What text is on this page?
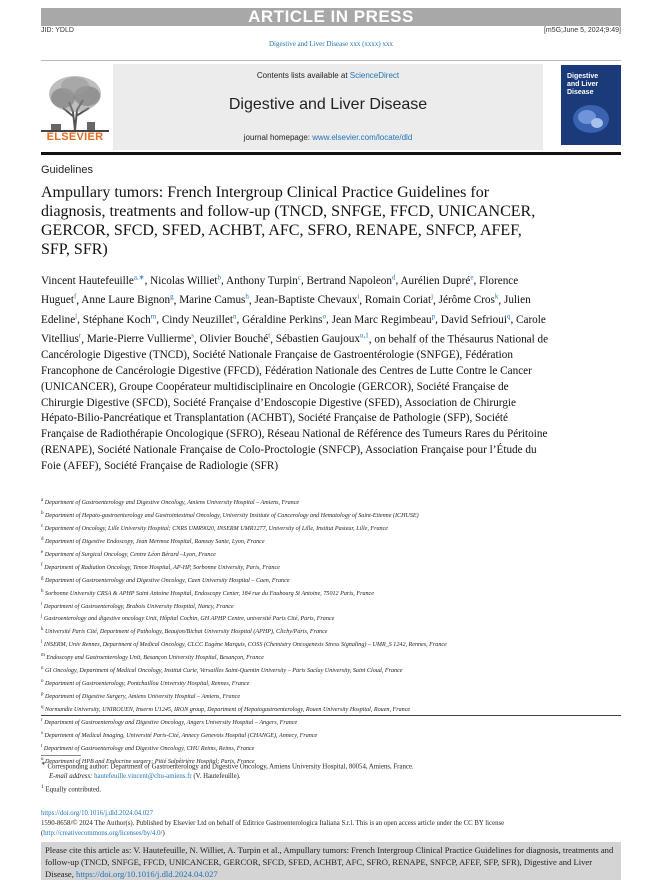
ARTICLE IN PRESS
JID: YDLD	[m5G;June 5, 2024;9:49]
Digestive and Liver Disease xxx (xxxx) xxx
ELSEVIER
Contents lists available at ScienceDirect
Digestive and Liver Disease
journal homepage: www.elsevier.com/locate/dld
Digestive
and Liver
Disease
Guidelines
Ampullary tumors: French Intergroup Clinical Practice Guidelines for diagnosis, treatments and follow-up (TNCD, SNFGE, FFCD, UNICANCER, GERCOR, SFCD, SFED, ACHBT, AFC, SFRO, RENAPE, SNFCP, AFEF, SFP, SFR)
Vincent Hautefeuille$^{a,∗}$, Nicolas Williet$^b$, Anthony Turpin$^c$, Bertrand Napoleon$^d$, Aurélien Dupré$^e$, Florence Huguet$^f$, Anne Laure Bignon$^g$, Marine Camus$^h$, Jean-Baptiste Chevaux$^i$, Romain Coriat$^j$, Jérôme Cros$^k$, Julien Edeline$^l$, Stéphane Koch$^m$, Cindy Neuzillet$^n$, Géraldine Perkins$^o$, Jean Marc Regimbeau$^p$, David Sefrioui$^q$, Carole Vitellius$^r$, Marie-Pierre Vullierme$^s$, Olivier Bouché$^t$, Sébastien Gaujoux$^{u,1}$, on behalf of the Thésaurus National de Cancérologie Digestive (TNCD), Société Nationale Française de Gastroentérologie (SNFGE), Fédération Francophone de Cancérologie Digestive (FFCD), Fédération Nationale des Centres de Lutte Contre le Cancer (UNICANCER), Groupe Coopérateur multidisciplinaire en Oncologie (GERCOR), Société Française de Chirurgie Digestive (SFCD), Société Française d’Endoscopie Digestive (SFED), Association de Chirurgie Hépato-Bilio-Pancréatique et Transplantation (ACHBT), Société Française de Pathologie (SFP), Société Française de Radiothérapie Oncologique (SFRO), Réseau National de Référence des Tumeurs Rares du Péritoine (RENAPE), Société Nationale Française de Colo-Proctologie (SNFCP), Association Française pour l’Étude du Foie (AFEF), Société Française de Radiologie (SFR)
$^a$ Department of Gastroenterology and Digestive Oncology, Amiens University Hospital – Amiens, France
$^b$ Department of Hepato-gastroenterology and Gastrointestinal Oncology, University Institute of Cancerology and Hematology of Saint-Etienne (ICHUSE)
$^c$ Department of Oncology, Lille University Hospital; CNRS UMR9020, INSERM UMR1277, University of Lille, Institut Pasteur, Lille, France
$^d$ Department of Digestive Endoscopy, Jean Mermoz Hospital, Ramsay Sante, Lyon, France
$^e$ Department of Surgical Oncology, Centre Léon Bérard –Lyon, France
$^f$ Department of Radiation Oncology, Tenon Hospital, AP-HP, Sorbonne University, Paris, France
$^g$ Department of Gastroenterology and Digestive Oncology, Caen University Hospital – Caen, France
$^h$ Sorbonne University CRSA & APHP Saint Antoine Hospital, Endoscopy Center, 184 rue du Faubourg St Antoine, 75012 Paris, France
$^i$ Department of Gastroenterology, Brabois University Hospital, Nancy, France
$^j$ Gastroenterology and digestive oncology Unit, Hôpital Cochin, GH APHP Centre, université Paris Cité, Paris, France
$^k$ Université Paris Cité, Department of Pathology, Beaujon/Bichat University Hospital (APHP), Clichy/Paris, France
$^l$ INSERM, Univ Rennes, Department of Medical Oncology, CLCC Eugène Marquis, COSS (Chemistry Oncogenesis Stress Signaling) – UMR_S 1242, Rennes, France
$^m$ Endoscopy and Gastroenterology Unit, Besançon University Hospital, Besançon, France
$^n$ GI Oncology, Department of Medical Oncology, Institut Curie, Versailles Saint-Quentin University – Paris Saclay University, Saint Cloud, France
$^o$ Department of Gastroenterology, Pontchaillou University Hospital, Rennes, France
$^p$ Department of Digestive Surgery, Amiens University Hospital – Amiens, France
$^q$ Normandie University, UNIROUEN, Inserm U1245, IRON group, Department of Hepatogastroenterology, Rouen University Hospital, Rouen, France
$^r$ Department of Gastroenterology and Digestive Oncology, Angers University Hospital – Angers, France
$^s$ Department of Medical Imaging, Université Paris-Cité, Annecy Genevois Hospital (CHANGE), Annecy, France
$^t$ Department of Gastroenterology and Digestive Oncology, CHU Reims, Reims, France
$^u$ Department of HPB and Endocrine surgery; Pitié Salpêtrière Hospital; Paris, France
∗ Corresponding author: Department of Gastroenterology and Digestive Oncology, Amiens University Hospital, 80054, Amiens, France.
E-mail address: hautefeuille.vincent@chu-amiens.fr (V. Hautefeuille).
$^1$ Equally contributed.
https://doi.org/10.1016/j.dld.2024.04.027
1590-8658/© 2024 The Author(s). Published by Elsevier Ltd on behalf of Editrice Gastroenterologica Italiana S.r.l. This is an open access article under the CC BY license
(http://creativecommons.org/licenses/by/4.0/)
Please cite this article as: V. Hautefeuille, N. Williet, A. Turpin et al., Ampullary tumors: French Intergroup Clinical Practice Guidelines for diagnosis, treatments and follow-up (TNCD, SNFGE, FFCD, UNICANCER, GERCOR, SFCD, SFED, ACHBT, AFC, SFRO, RENAPE, SNFCP, AFEF, SFP, SFR), Digestive and Liver Disease, https://doi.org/10.1016/j.dld.2024.04.027
